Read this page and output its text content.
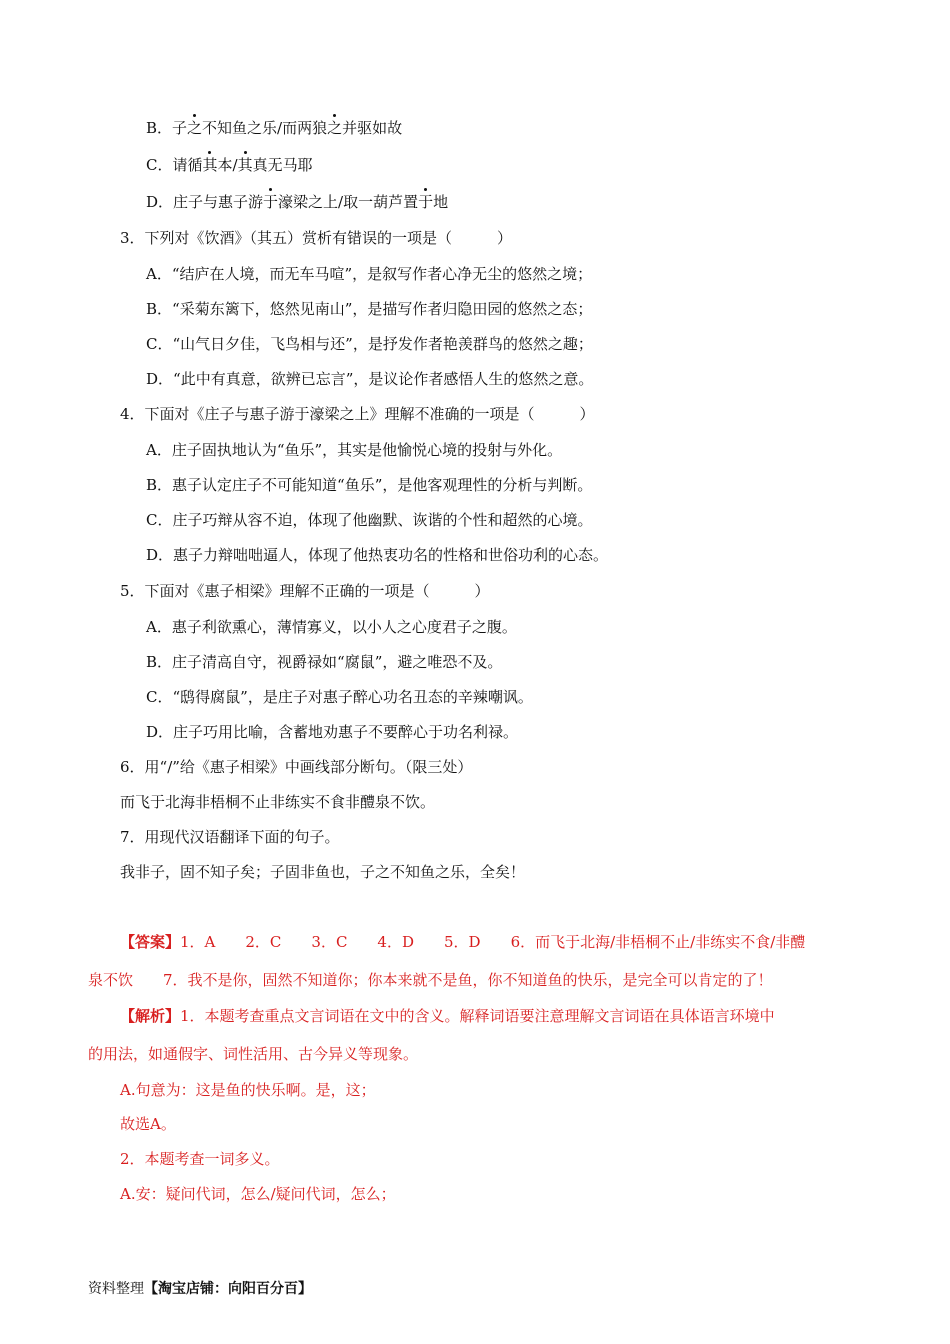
B．子之不知鱼之乐/而两狼之并驱如故
C．请循其本/其真无马耶
D．庄子与惠子游于濠梁之上/取一葫芦置于地
3．下列对《饮酒》（其五）赏析有错误的一项是（　　　）
A．“结庐在人境，而无车马喧”，是叙写作者心净无尘的悠然之境；
B．“采菊东篱下，悠然见南山”，是描写作者归隐田园的悠然之态；
C．“山气日夕佳，飞鸟相与还”，是抒发作者艳羡群鸟的悠然之趣；
D．“此中有真意，欲辨已忘言”，是议论作者感悟人生的悠然之意。
4．下面对《庄子与惠子游于濠梁之上》理解不准确的一项是（　　　）
A．庄子固执地认为“鱼乐”，其实是他愉悦心境的投射与外化。
B．惠子认定庄子不可能知道“鱼乐”，是他客观理性的分析与判断。
C．庄子巧辩从容不迫，体现了他幽默、诙谐的个性和超然的心境。
D．惠子力辩咄咄逼人，体现了他热衷功名的性格和世俗功利的心态。
5．下面对《惠子相梁》理解不正确的一项是（　　　）
A．惠子利欲熏心，薄情寡义，以小人之心度君子之腹。
B．庄子清高自守，视爵禄如“腐鼠”，避之唯恐不及。
C．“鸱得腐鼠”，是庄子对惠子醉心功名丑态的辛辣嘲讽。
D．庄子巧用比喻，含蓄地劝惠子不要醉心于功名利禄。
6．用“/”给《惠子相梁》中画线部分断句。（限三处）
而飞于北海非梧桐不止非练实不食非醴泉不饮。
7．用现代汉语翻译下面的句子。
我非子，固不知子矣；子固非鱼也，子之不知鱼之乐，全矣！
【答案】1．A　　2．C　　3．C　　4．D　　5．D　　6．而飞于北海/非梧桐不止/非练实不食/非醴
泉不饮　　7．我不是你，固然不知道你；你本来就不是鱼，你不知道鱼的快乐，是完全可以肯定的了！
【解析】1．本题考查重点文言词语在文中的含义。解释词语要注意理解文言词语在具体语言环境中
的用法，如通假字、词性活用、古今异义等现象。
A.句意为：这是鱼的快乐啊。是，这；
故选A。
2．本题考查一词多义。
A.安：疑问代词，怎么/疑问代词，怎么；
资料整理【淘宝店铺：向阳百分百】
